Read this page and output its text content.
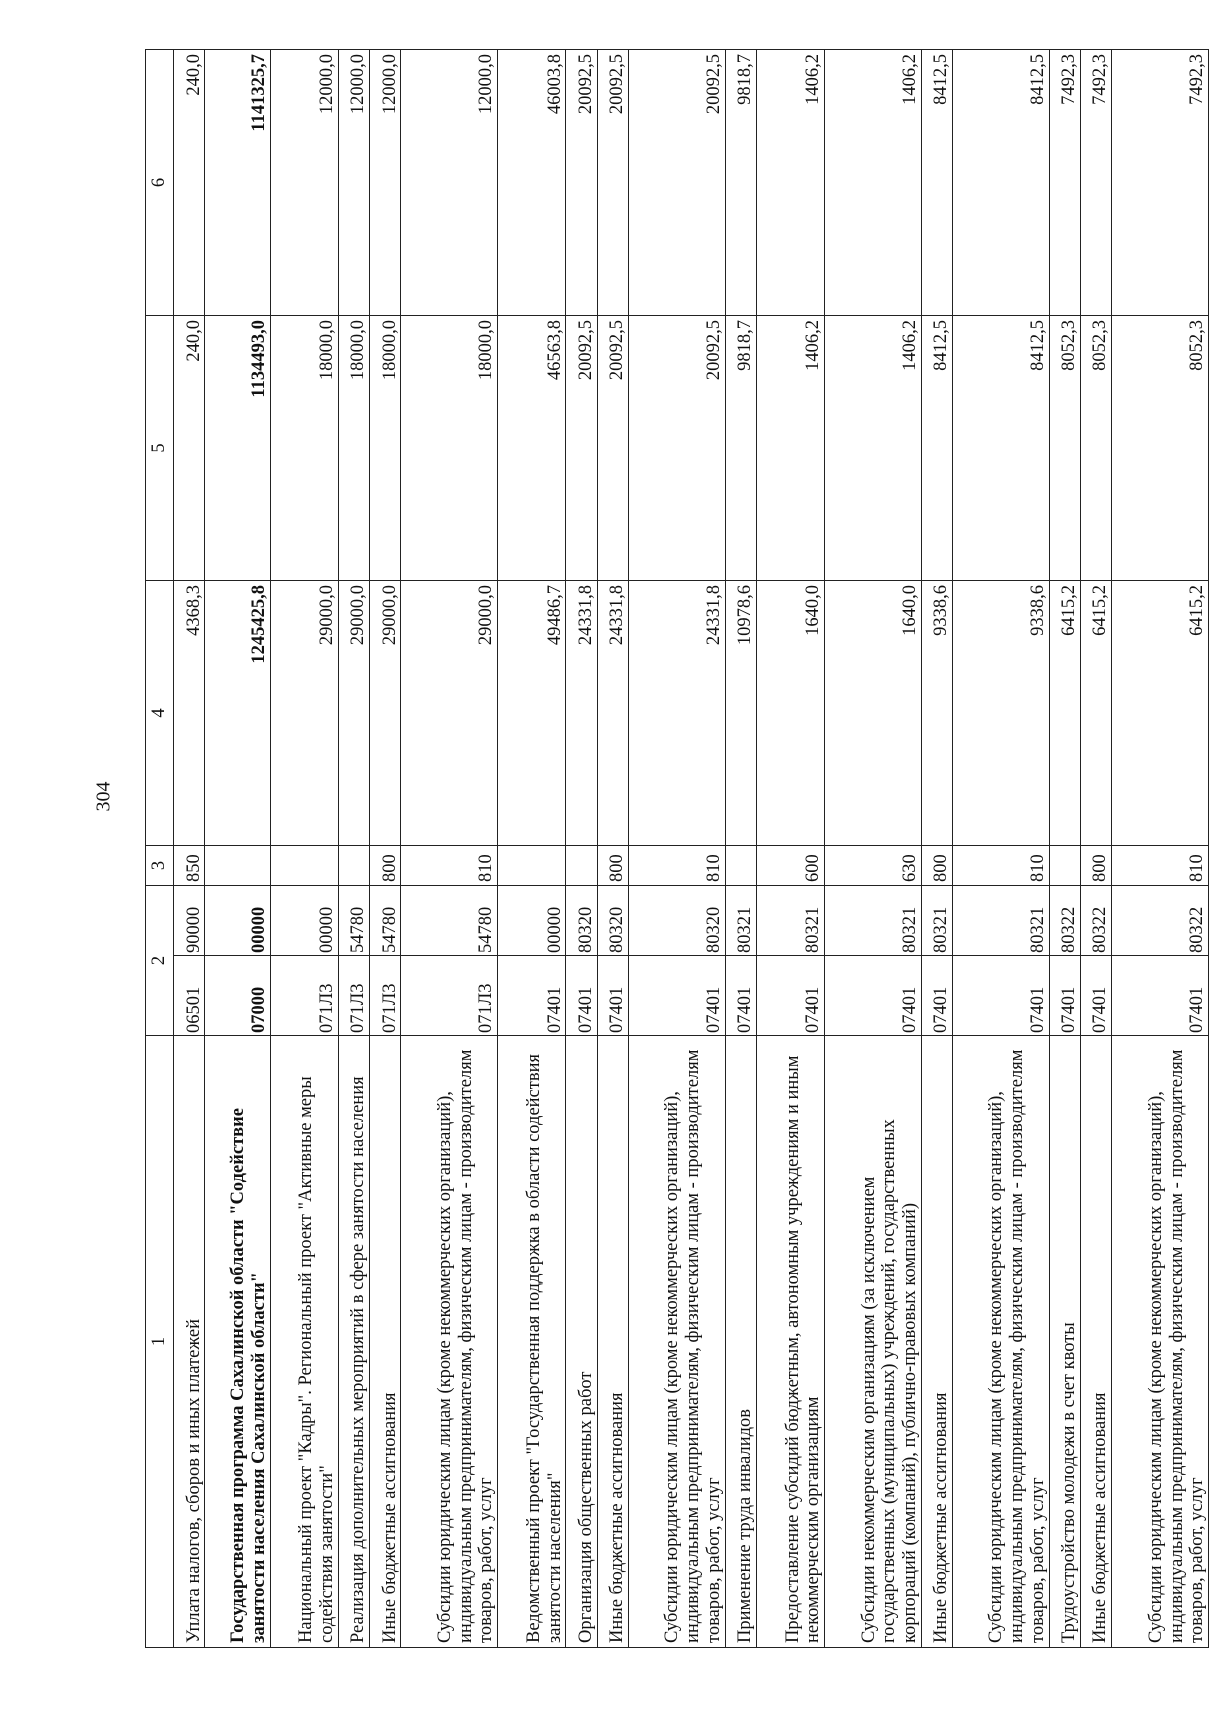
304
1	2		3	4	5	6
Уплата налогов, сборов и иных платежей	06501	90000	850	4368,3	240,0	240,0
Государственная программа Сахалинской области "Содействие занятости населения Сахалинской области"	07000	00000		1245425,8	1134493,0	1141325,7
Национальный проект "Кадры". Региональный проект "Активные меры содействия занятости"	071Л3	00000		29000,0	18000,0	12000,0
Реализация дополнительных мероприятий в сфере занятости населения	071Л3	54780		29000,0	18000,0	12000,0
Иные бюджетные ассигнования	071Л3	54780	800	29000,0	18000,0	12000,0
Субсидии юридическим лицам (кроме некоммерческих организаций), индивидуальным предпринимателям, физическим лицам - производителям товаров, работ, услуг	071Л3	54780	810	29000,0	18000,0	12000,0
Ведомственный проект "Государственная поддержка в области содействия занятости населения"	07401	00000		49486,7	46563,8	46003,8
Организация общественных работ	07401	80320		24331,8	20092,5	20092,5
Иные бюджетные ассигнования	07401	80320	800	24331,8	20092,5	20092,5
Субсидии юридическим лицам (кроме некоммерческих организаций), индивидуальным предпринимателям, физическим лицам - производителям товаров, работ, услуг	07401	80320	810	24331,8	20092,5	20092,5
Применение труда инвалидов	07401	80321		10978,6	9818,7	9818,7
Предоставление субсидий бюджетным, автономным учреждениям и иным некоммерческим организациям	07401	80321	600	1640,0	1406,2	1406,2
Субсидии некоммерческим организациям (за исключением государственных (муниципальных) учреждений, государственных корпораций (компаний), публично-правовых компаний)	07401	80321	630	1640,0	1406,2	1406,2
Иные бюджетные ассигнования	07401	80321	800	9338,6	8412,5	8412,5
Субсидии юридическим лицам (кроме некоммерческих организаций), индивидуальным предпринимателям, физическим лицам - производителям товаров, работ, услуг	07401	80321	810	9338,6	8412,5	8412,5
Трудоустройство молодежи в счет квоты	07401	80322		6415,2	8052,3	7492,3
Иные бюджетные ассигнования	07401	80322	800	6415,2	8052,3	7492,3
Субсидии юридическим лицам (кроме некоммерческих организаций), индивидуальным предпринимателям, физическим лицам - производителям товаров, работ, услуг	07401	80322	810	6415,2	8052,3	7492,3
